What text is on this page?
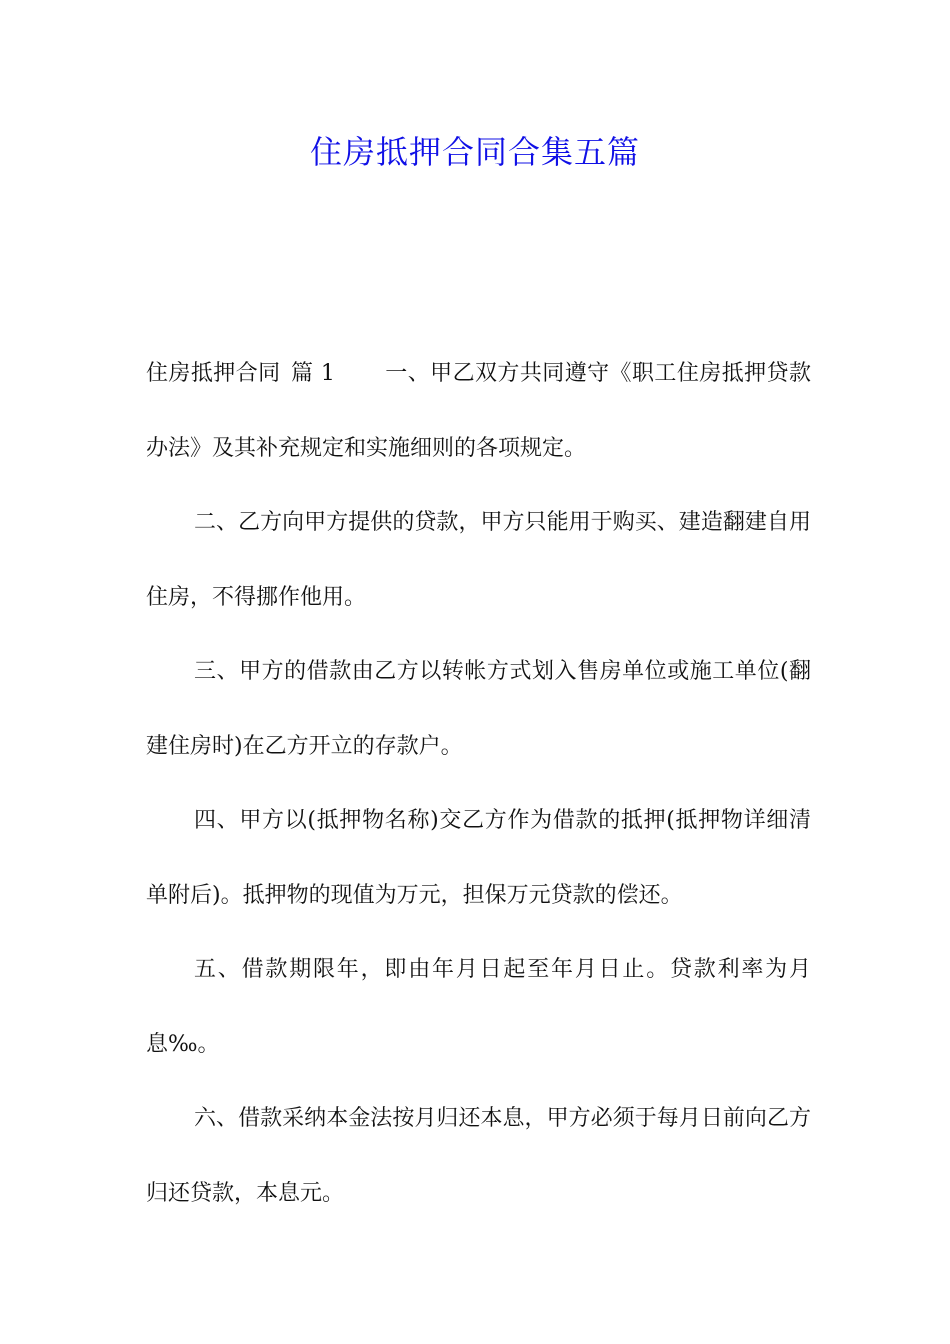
住房抵押合同合集五篇

住房抵押合同 篇 1 一、甲乙双方共同遵守《职工住房抵押贷款办法》及其补充规定和实施细则的各项规定。

二、乙方向甲方提供的贷款，甲方只能用于购买、建造翻建自用住房，不得挪作他用。

三、甲方的借款由乙方以转帐方式划入售房单位或施工单位(翻建住房时)在乙方开立的存款户。

四、甲方以(抵押物名称)交乙方作为借款的抵押(抵押物详细清单附后)。抵押物的现值为万元，担保万元贷款的偿还。

五、借款期限年，即由年月日起至年月日止。贷款利率为月息‰。

六、借款采纳本金法按月归还本息，甲方必须于每月日前向乙方归还贷款，本息元。
